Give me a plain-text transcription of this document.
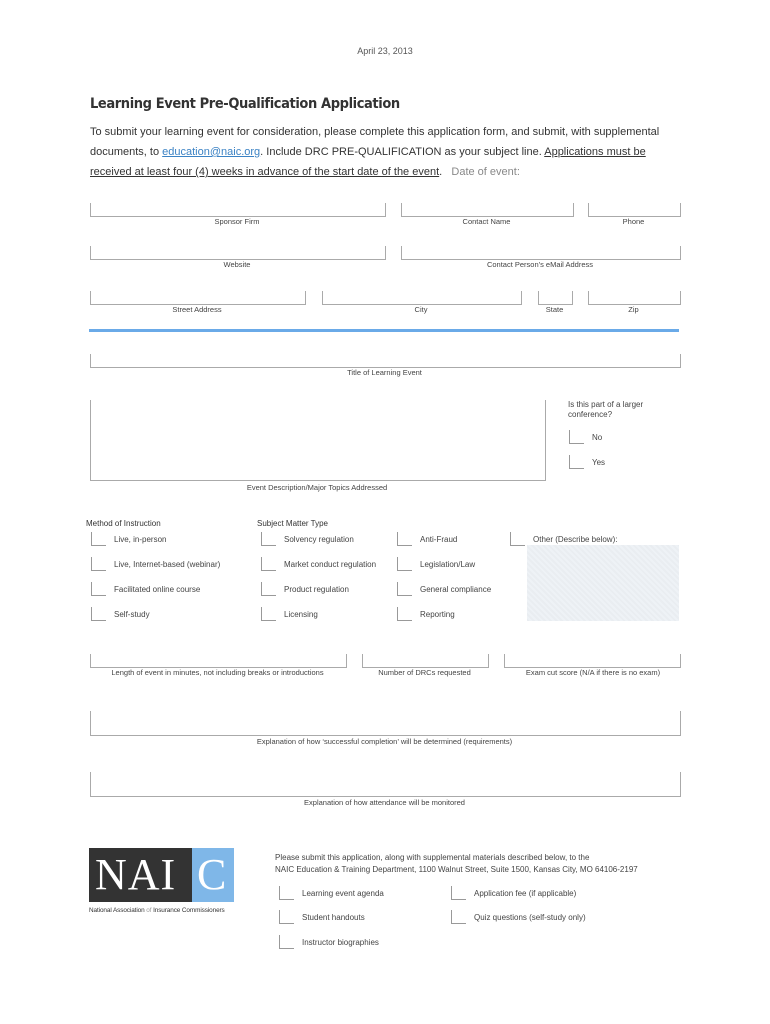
April 23, 2013
Learning Event Pre-Qualification Application
To submit your learning event for consideration, please complete this application form, and submit, with supplemental documents, to education@naic.org. Include DRC PRE-QUALIFICATION as your subject line. Applications must be received at least four (4) weeks in advance of the start date of the event. Date of event:
Sponsor Firm	Contact Name	Phone
Website	Contact Person's eMail Address
Street Address	City	State	Zip
Title of Learning Event
Event Description/Major Topics Addressed
Is this part of a larger conference?
No
Yes
Method of Instruction
Live, in-person
Live, Internet-based (webinar)
Facilitated online course
Self-study
Subject Matter Type
Solvency regulation
Market conduct regulation
Product regulation
Licensing
Anti-Fraud
Legislation/Law
General compliance
Reporting
Other (Describe below):
Length of event in minutes, not including breaks or introductions	Number of DRCs requested	Exam cut score (N/A if there is no exam)
Explanation of how ‘successful completion’ will be determined (requirements)
Explanation of how attendance will be monitored
NAI C
National Association of Insurance Commissioners
Please submit this application, along with supplemental materials described below, to the
NAIC Education & Training Department, 1100 Walnut Street, Suite 1500, Kansas City, MO 64106-2197
Learning event agenda
Student handouts
Instructor biographies
Application fee (if applicable)
Quiz questions (self-study only)
